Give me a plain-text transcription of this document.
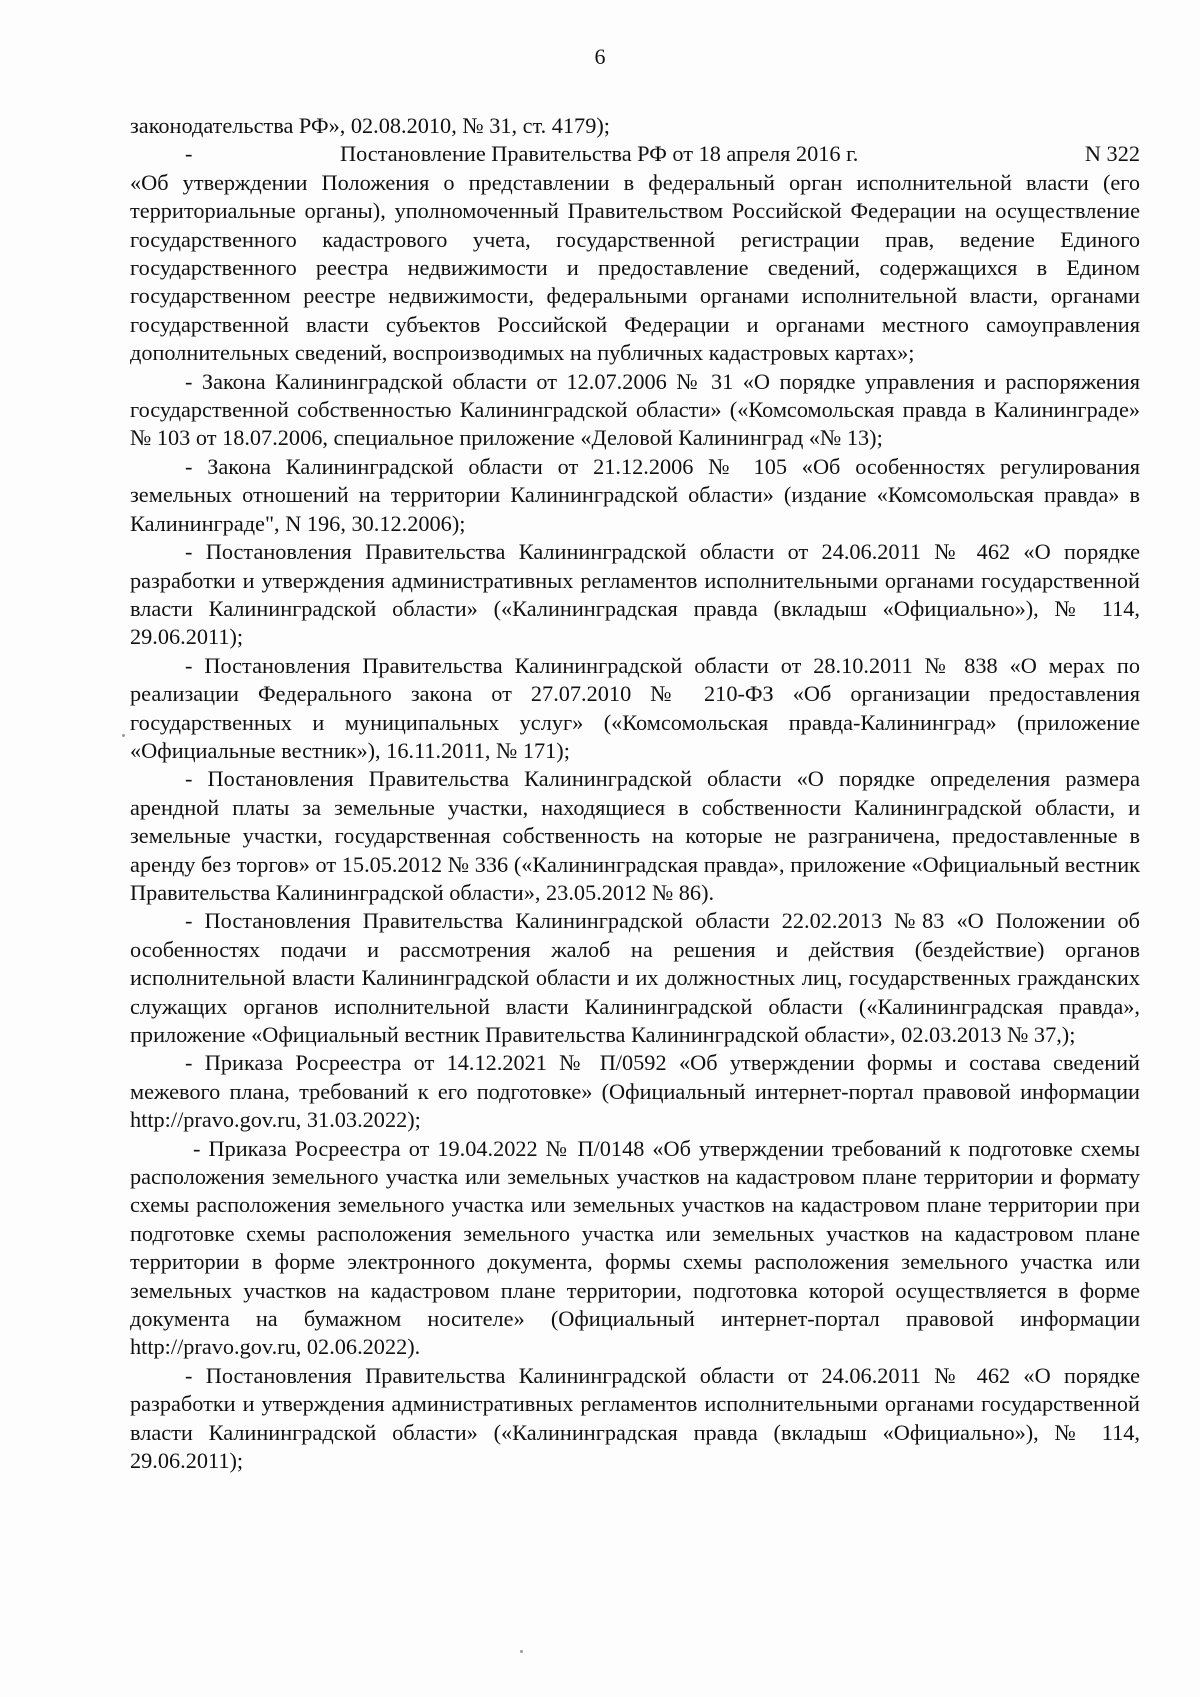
6

законодательства РФ», 02.08.2010, № 31, ст. 4179);

-	Постановление Правительства РФ от 18 апреля 2016 г.	N 322

«Об утверждении Положения о представлении в федеральный орган исполнительной власти (его территориальные органы), уполномоченный Правительством Российской Федерации на осуществление государственного кадастрового учета, государственной регистрации прав, ведение Единого государственного реестра недвижимости и предоставление сведений, содержащихся в Едином государственном реестре недвижимости, федеральными органами исполнительной власти, органами государственной власти субъектов Российской Федерации и органами местного самоуправления дополнительных сведений, воспроизводимых на публичных кадастровых картах»;

- Закона Калининградской области от 12.07.2006 № 31 «О порядке управления и распоряжения государственной собственностью Калининградской области» («Комсомольская правда в Калининграде» № 103 от 18.07.2006, специальное приложение «Деловой Калининград «№ 13);

- Закона Калининградской области от 21.12.2006 № 105 «Об особенностях регулирования земельных отношений на территории Калининградской области» (издание «Комсомольская правда» в Калининграде", N 196, 30.12.2006);

- Постановления Правительства Калининградской области от 24.06.2011 № 462 «О порядке разработки и утверждения административных регламентов исполнительными органами государственной власти Калининградской области» («Калининградская правда (вкладыш «Официально»), № 114, 29.06.2011);

- Постановления Правительства Калининградской области от 28.10.2011 № 838 «О мерах по реализации Федерального закона от 27.07.2010 № 210-ФЗ «Об организации предоставления государственных и муниципальных услуг» («Комсомольская правда-Калининград» (приложение «Официальные вестник»), 16.11.2011, № 171);

- Постановления Правительства Калининградской области «О порядке определения размера арендной платы за земельные участки, находящиеся в собственности Калининградской области, и земельные участки, государственная собственность на которые не разграничена, предоставленные в аренду без торгов» от 15.05.2012 № 336 («Калининградская правда», приложение «Официальный вестник Правительства Калининградской области», 23.05.2012 № 86).

- Постановления Правительства Калининградской области 22.02.2013 №83 «О Положении об особенностях подачи и рассмотрения жалоб на решения и действия (бездействие) органов исполнительной власти Калининградской области и их должностных лиц, государственных гражданских служащих органов исполнительной власти Калининградской области («Калининградская правда», приложение «Официальный вестник Правительства Калининградской области», 02.03.2013 № 37,);

- Приказа Росреестра от 14.12.2021 № П/0592 «Об утверждении формы и состава сведений межевого плана, требований к его подготовке» (Официальный интернет-портал правовой информации http://pravo.gov.ru, 31.03.2022);

- Приказа Росреестра от 19.04.2022 № П/0148 «Об утверждении требований к подготовке схемы расположения земельного участка или земельных участков на кадастровом плане территории и формату схемы расположения земельного участка или земельных участков на кадастровом плане территории при подготовке схемы расположения земельного участка или земельных участков на кадастровом плане территории в форме электронного документа, формы схемы расположения земельного участка или земельных участков на кадастровом плане территории, подготовка которой осуществляется в форме документа на бумажном носителе» (Официальный интернет-портал правовой информации http://pravo.gov.ru, 02.06.2022).

- Постановления Правительства Калининградской области от 24.06.2011 № 462 «О порядке разработки и утверждения административных регламентов исполнительными органами государственной власти Калининградской области» («Калининградская правда (вкладыш «Официально»), № 114, 29.06.2011);
